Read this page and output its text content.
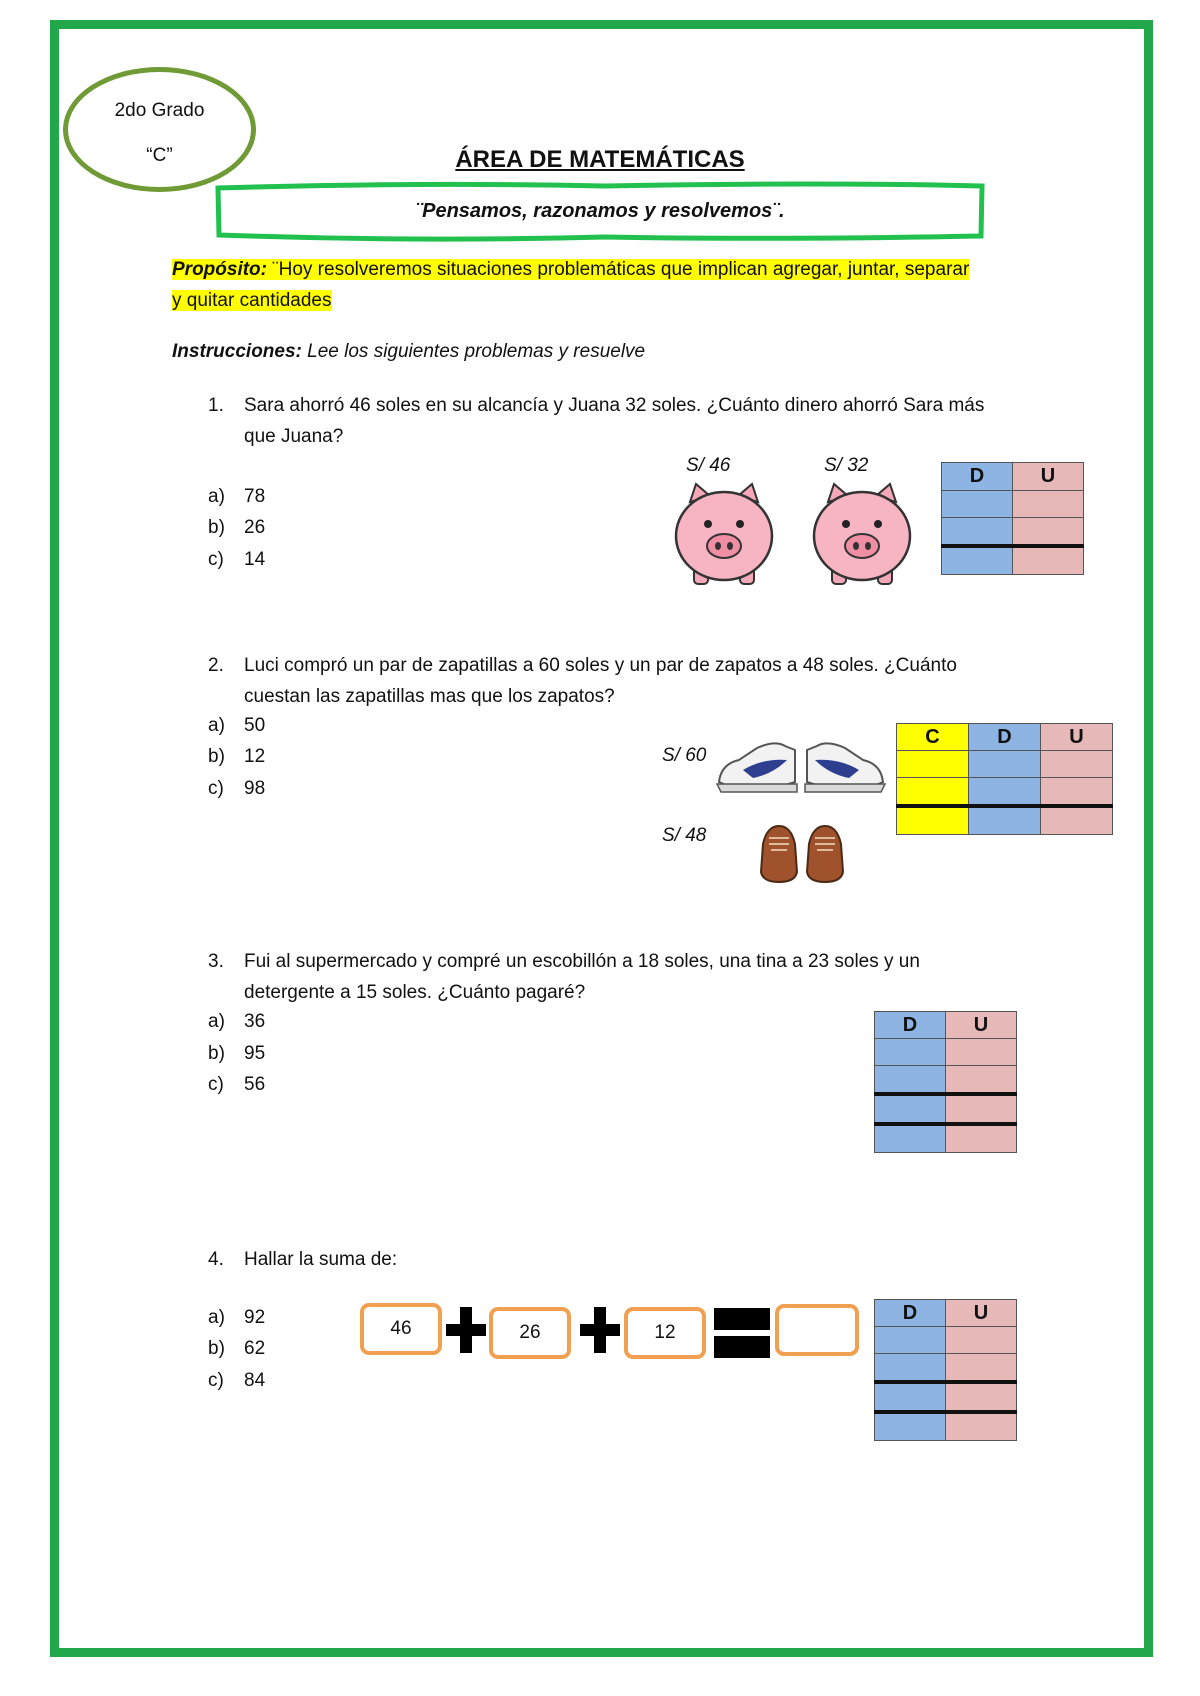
2do Grado
“C”	ÁREA DE MATEMÁTICAS
¨Pensamos, razonamos y resolvemos¨.
Propósito: ¨Hoy resolveremos situaciones problemáticas que implican agregar, juntar, separar
y quitar cantidades
Instrucciones: Lee los siguientes problemas y resuelve
1. Sara ahorró 46 soles en su alcancía y Juana 32 soles. ¿Cuánto dinero ahorró Sara más
que Juana?
a) 78
b) 26
c) 14
S/ 46	S/ 32	D	U

2. Luci compró un par de zapatillas a 60 soles y un par de zapatos a 48 soles. ¿Cuánto
cuestan las zapatillas mas que los zapatos?
a) 50
b) 12
c) 98
S/ 60
S/ 48
C	D	U

3. Fui al supermercado y compré un escobillón a 18 soles, una tina a 23 soles y un
detergente a 15 soles. ¿Cuánto pagaré?
a) 36
b) 95
c) 56
D	U

4. Hallar la suma de:
a) 92
b) 62
c) 84
46	26	12
D	U
